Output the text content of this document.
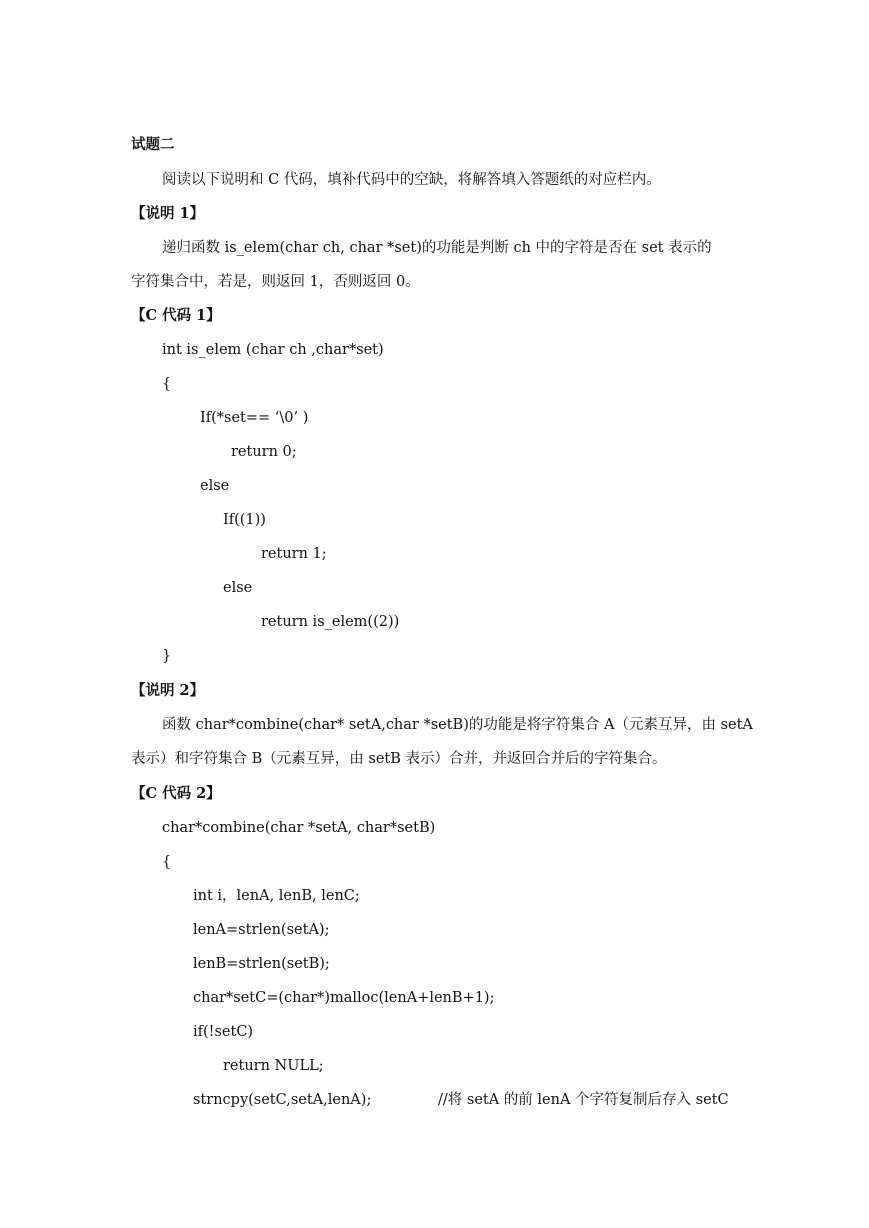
试题二
阅读以下说明和 C 代码，填补代码中的空缺，将解答填入答题纸的对应栏内。
【说明 1】
递归函数 is_elem(char ch, char *set)的功能是判断 ch 中的字符是否在 set 表示的
字符集合中，若是，则返回 1，否则返回 0。
【C 代码 1】
int is_elem (char ch ,char*set)
{
If(*set== ‘\0’ )
return 0;
else
If((1))
return 1;
else
return is_elem((2))
}
【说明 2】
函数 char*combine(char* setA,char *setB)的功能是将字符集合 A（元素互异，由 setA
表示）和字符集合 B（元素互异，由 setB 表示）合并，并返回合并后的字符集合。
【C 代码 2】
char*combine(char *setA, char*setB)
{
int i，lenA, lenB, lenC;
lenA=strlen(setA);
lenB=strlen(setB);
char*setC=(char*)malloc(lenA+lenB+1);
if(!setC)
return NULL;
strncpy(setC,setA,lenA);	//将 setA 的前 lenA 个字符复制后存入 setC
